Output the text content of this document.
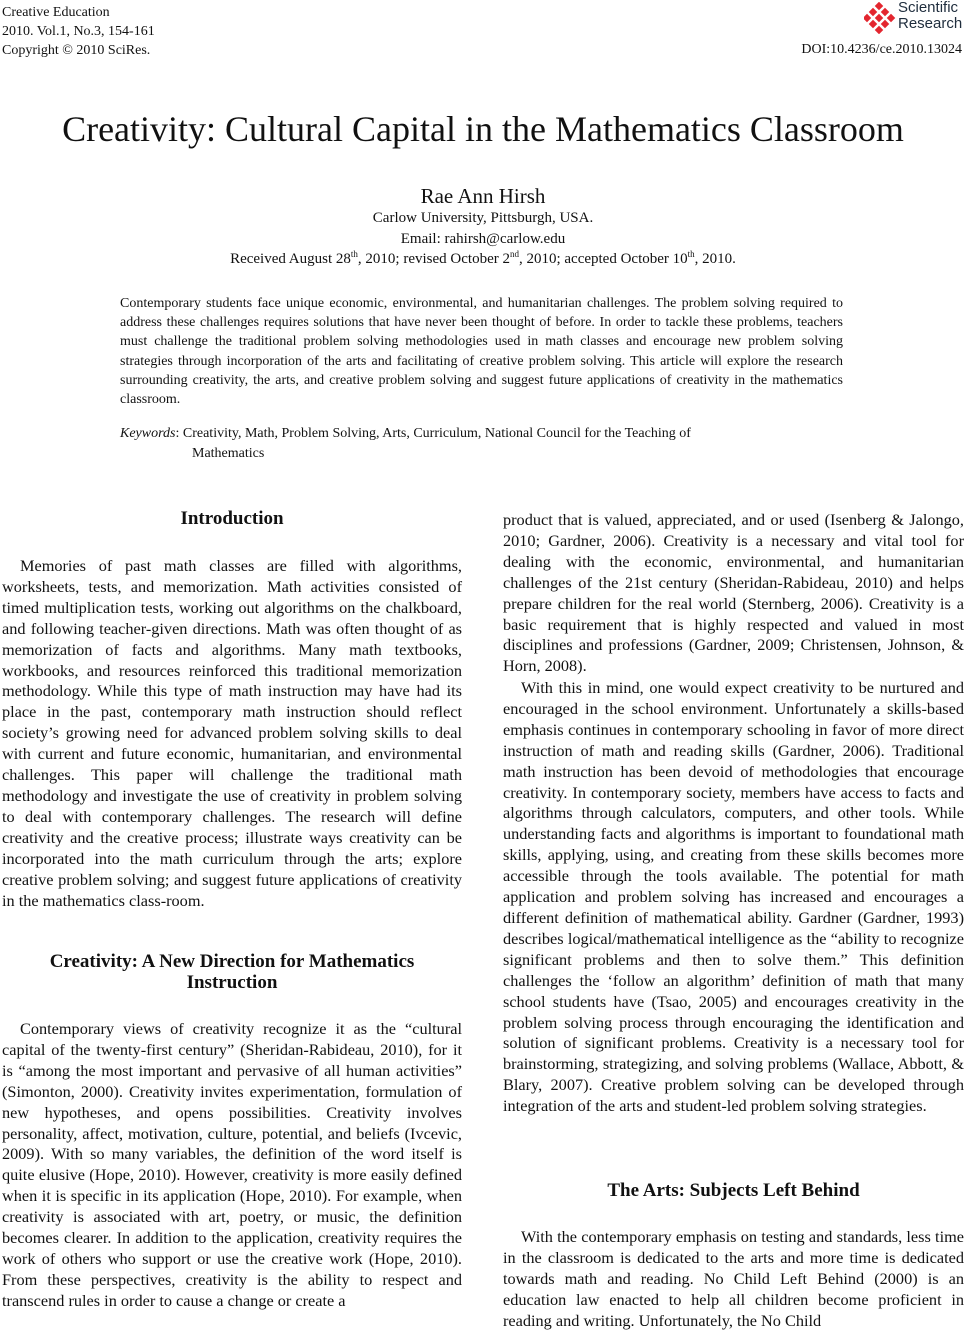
Creative Education
2010. Vol.1, No.3, 154-161
Copyright © 2010 SciRes.
Scientific
Research
DOI:10.4236/ce.2010.13024
Creativity: Cultural Capital in the Mathematics Classroom
Rae Ann Hirsh
Carlow University, Pittsburgh, USA.
Email: rahirsh@carlow.edu
Received August 28th, 2010; revised October 2nd, 2010; accepted October 10th, 2010.
Contemporary students face unique economic, environmental, and humanitarian challenges. The problem solving required to address these challenges requires solutions that have never been thought of before. In order to tackle these problems, teachers must challenge the traditional problem solving methodologies used in math classes and encourage new problem solving strategies through incorporation of the arts and facilitating of creative problem solving. This article will explore the research surrounding creativity, the arts, and creative problem solving and suggest future applications of creativity in the mathematics classroom.
Keywords: Creativity, Math, Problem Solving, Arts, Curriculum, National Council for the Teaching of
Mathematics
Introduction

Memories of past math classes are filled with algorithms, worksheets, tests, and memorization. Math activities consisted of timed multiplication tests, working out algorithms on the chalkboard, and following teacher-given directions. Math was often thought of as memorization of facts and algorithms. Many math textbooks, workbooks, and resources reinforced this traditional memorization methodology. While this type of math instruction may have had its place in the past, contemporary math instruction should reflect society’s growing need for advanced problem solving skills to deal with current and future economic, humanitarian, and environmental challenges. This paper will challenge the traditional math methodology and investigate the use of creativity in problem solving to deal with contemporary challenges. The research will define creativity and the creative process; illustrate ways creativity can be incorporated into the math curriculum through the arts; explore creative problem solving; and suggest future applications of creativity in the mathematics class-room.

Creativity: A New Direction for Mathematics
Instruction

Contemporary views of creativity recognize it as the “cultural capital of the twenty-first century” (Sheridan-Rabideau, 2010), for it is “among the most important and pervasive of all human activities” (Simonton, 2000). Creativity invites experimentation, formulation of new hypotheses, and opens possibilities. Creativity involves personality, affect, motivation, culture, potential, and beliefs (Ivcevic, 2009). With so many variables, the definition of the word itself is quite elusive (Hope, 2010). However, creativity is more easily defined when it is specific in its application (Hope, 2010). For example, when creativity is associated with art, poetry, or music, the definition becomes clearer. In addition to the application, creativity requires the work of others who support or use the creative work (Hope, 2010). From these perspectives, creativity is the ability to respect and transcend rules in order to cause a change or create a

product that is valued, appreciated, and or used (Isenberg & Jalongo, 2010; Gardner, 2006). Creativity is a necessary and vital tool for dealing with the economic, environmental, and humanitarian challenges of the 21st century (Sheridan-Rabideau, 2010) and helps prepare children for the real world (Sternberg, 2006). Creativity is a basic requirement that is highly respected and valued in most disciplines and professions (Gardner, 2009; Christensen, Johnson, & Horn, 2008).

With this in mind, one would expect creativity to be nurtured and encouraged in the school environment. Unfortunately a skills-based emphasis continues in contemporary schooling in favor of more direct instruction of math and reading skills (Gardner, 2006). Traditional math instruction has been devoid of methodologies that encourage creativity. In contemporary society, members have access to facts and algorithms through calculators, computers, and other tools. While understanding facts and algorithms is important to foundational math skills, applying, using, and creating from these skills becomes more accessible through the tools available. The potential for math application and problem solving has increased and encourages a different definition of mathematical ability. Gardner (Gardner, 1993) describes logical/mathematical intelligence as the “ability to recognize significant problems and then to solve them.” This definition challenges the ‘follow an algorithm’ definition of math that many school students have (Tsao, 2005) and encourages creativity in the problem solving process through encouraging the identification and solution of significant problems. Creativity is a necessary tool for brainstorming, strategizing, and solving problems (Wallace, Abbott, & Blary, 2007). Creative problem solving can be developed through integration of the arts and student-led problem solving strategies.

The Arts: Subjects Left Behind

With the contemporary emphasis on testing and standards, less time in the classroom is dedicated to the arts and more time is dedicated towards math and reading. No Child Left Behind (2000) is an education law enacted to help all children become proficient in reading and writing. Unfortunately, the No Child
